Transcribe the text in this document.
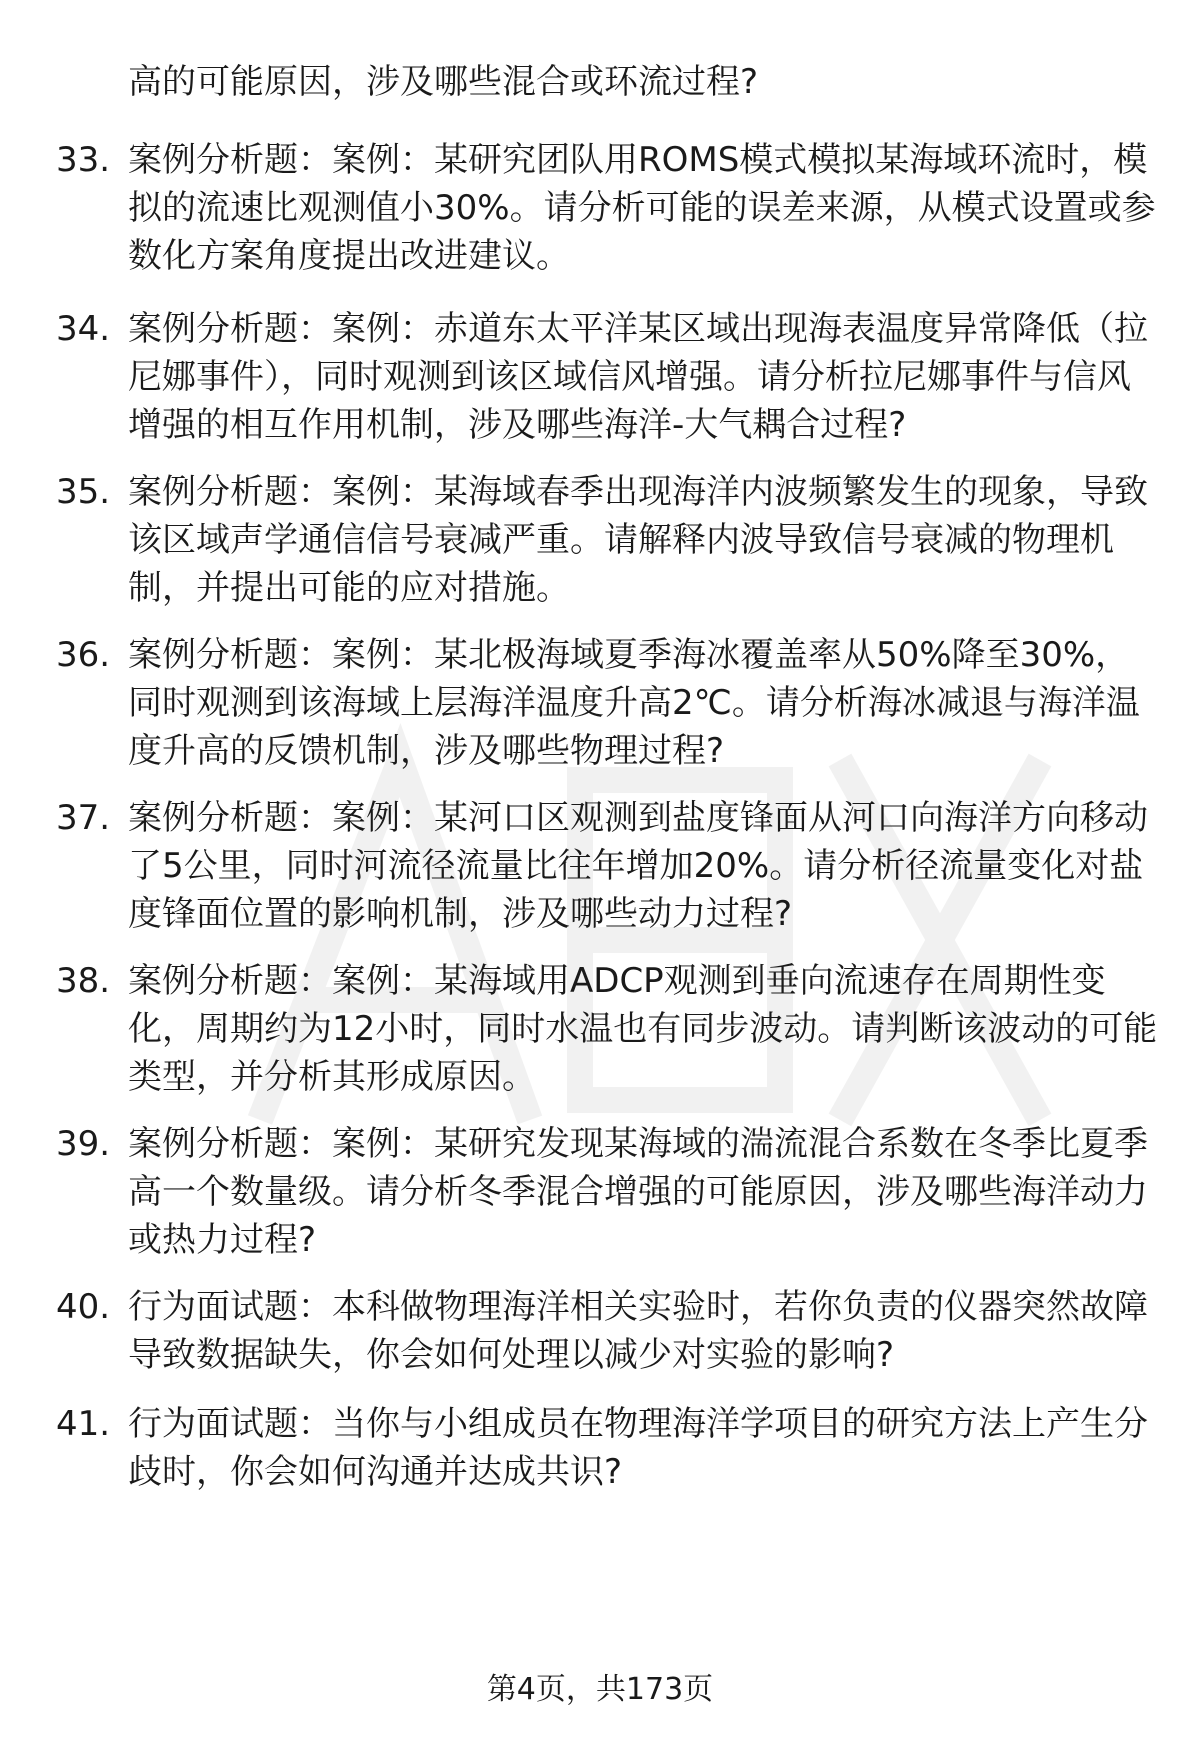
高的可能原因，涉及哪些混合或环流过程?

33. 案例分析题：案例：某研究团队用ROMS模式模拟某海域环流时，模拟的流速比观测值小30%。请分析可能的误差来源，从模式设置或参数化方案角度提出改进建议。

34. 案例分析题：案例：赤道东太平洋某区域出现海表温度异常降低（拉尼娜事件），同时观测到该区域信风增强。请分析拉尼娜事件与信风增强的相互作用机制，涉及哪些海洋-大气耦合过程?

35. 案例分析题：案例：某海域春季出现海洋内波频繁发生的现象，导致该区域声学通信信号衰减严重。请解释内波导致信号衰减的物理机制，并提出可能的应对措施。

36. 案例分析题：案例：某北极海域夏季海冰覆盖率从50%降至30%，同时观测到该海域上层海洋温度升高2℃。请分析海冰减退与海洋温度升高的反馈机制，涉及哪些物理过程?

37. 案例分析题：案例：某河口区观测到盐度锋面从河口向海洋方向移动了5公里，同时河流径流量比往年增加20%。请分析径流量变化对盐度锋面位置的影响机制，涉及哪些动力过程?

38. 案例分析题：案例：某海域用ADCP观测到垂向流速存在周期性变化，周期约为12小时，同时水温也有同步波动。请判断该波动的可能类型，并分析其形成原因。

39. 案例分析题：案例：某研究发现某海域的湍流混合系数在冬季比夏季高一个数量级。请分析冬季混合增强的可能原因，涉及哪些海洋动力或热力过程?

40. 行为面试题：本科做物理海洋相关实验时，若你负责的仪器突然故障导致数据缺失，你会如何处理以减少对实验的影响?

41. 行为面试题：当你与小组成员在物理海洋学项目的研究方法上产生分歧时，你会如何沟通并达成共识?

第4页，共173页
